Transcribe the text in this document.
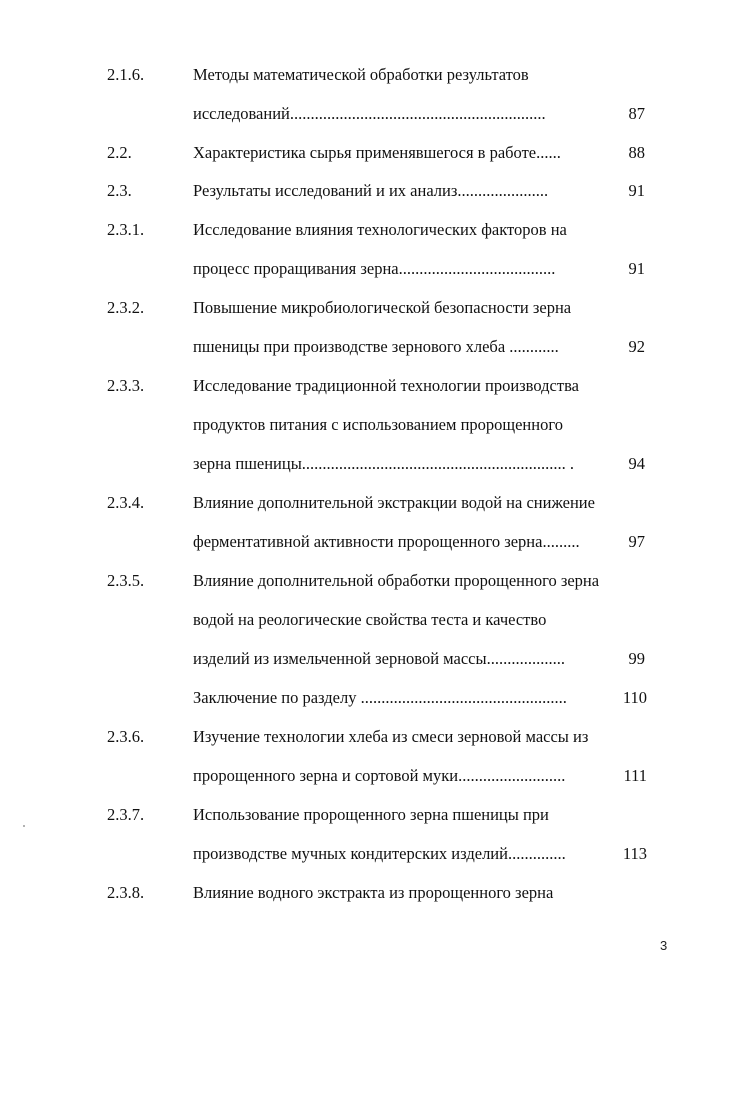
2.1.6.	Методы математической обработки результатов
исследований..............................................................	87
2.2.	Характеристика сырья применявшегося в работе......	88
2.3.	Результаты исследований и их анализ......................	91
2.3.1.	Исследование влияния технологических факторов на
процесс проращивания зерна......................................	91
2.3.2.	Повышение микробиологической безопасности зерна
пшеницы при производстве зернового хлеба ............	92
2.3.3.	Исследование традиционной технологии производства
продуктов питания с использованием пророщенного
зерна пшеницы................................................................ .	94
2.3.4.	Влияние дополнительной экстракции водой на снижение
ферментативной активности пророщенного зерна.........	97
2.3.5.	Влияние дополнительной обработки пророщенного зерна
водой на реологические свойства теста и качество
изделий из измельченной зерновой массы...................	99
Заключение по разделу ..................................................	110
2.3.6.	Изучение технологии хлеба из смеси зерновой массы из
пророщенного зерна и сортовой муки..........................	111
2.3.7.	Использование пророщенного зерна пшеницы при
производстве мучных кондитерских изделий..............	113
2.3.8.	Влияние водного экстракта из пророщенного зерна
3
